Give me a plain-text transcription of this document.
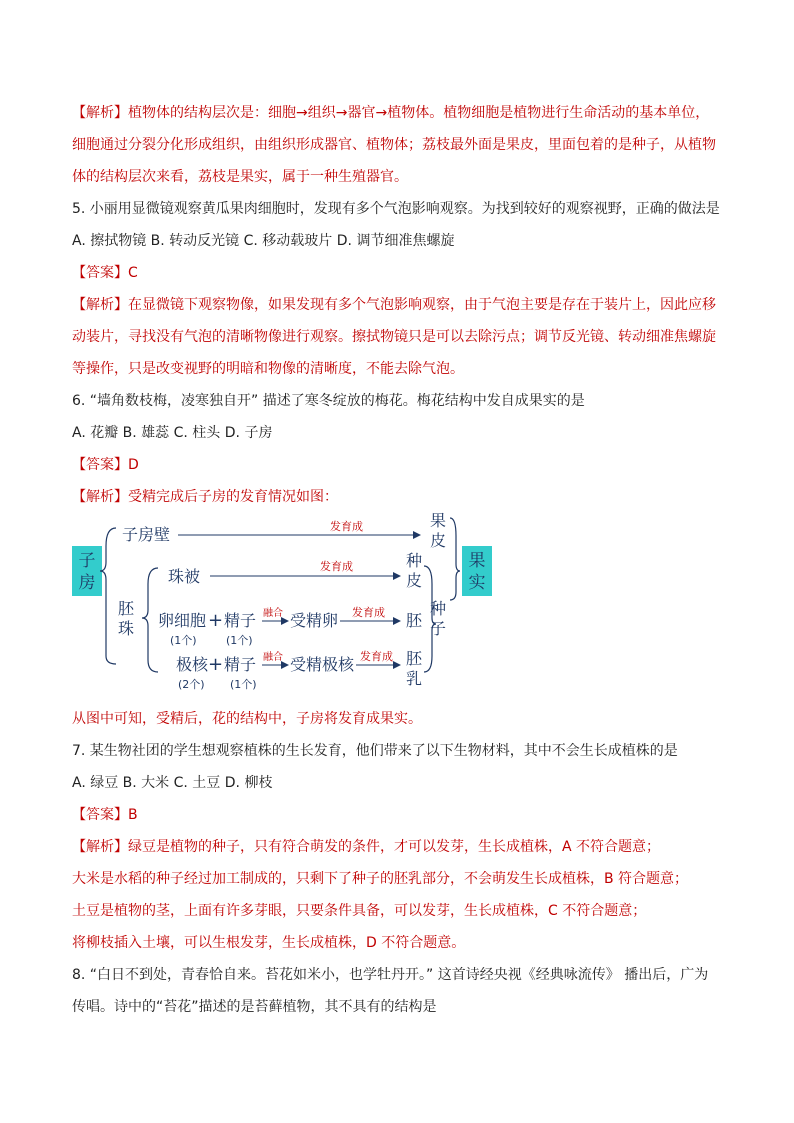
【解析】植物体的结构层次是：细胞→组织→器官→植物体。植物细胞是植物进行生命活动的基本单位，
细胞通过分裂分化形成组织，由组织形成器官、植物体；荔枝最外面是果皮，里面包着的是种子，从植物
体的结构层次来看，荔枝是果实，属于一种生殖器官。
5. 小丽用显微镜观察黄瓜果肉细胞时，发现有多个气泡影响观察。为找到较好的观察视野，正确的做法是
A. 擦拭物镜 B. 转动反光镜 C. 移动载玻片 D. 调节细准焦螺旋
【答案】C
【解析】在显微镜下观察物像，如果发现有多个气泡影响观察，由于气泡主要是存在于装片上，因此应移
动装片，寻找没有气泡的清晰物像进行观察。擦拭物镜只是可以去除污点；调节反光镜、转动细准焦螺旋
等操作，只是改变视野的明暗和物像的清晰度，不能去除气泡。
6. “墙角数枝梅，凌寒独自开” 描述了寒冬绽放的梅花。梅花结构中发自成果实的是
A. 花瓣 B. 雄蕊 C. 柱头 D. 子房
【答案】D
【解析】受精完成后子房的发育情况如图：
子
房
果
实
子房壁	发育成	果
皮
胚
珠
珠被
发育成	种
皮
种
子
卵细胞 + 精子
(1个)	(1个)
融合 受精卵 发育成 胚
极核 + 精子
(2个) (1个)
融合 受精极核 发育成 胚
乳
从图中可知，受精后，花的结构中，子房将发育成果实。
7. 某生物社团的学生想观察植株的生长发育，他们带来了以下生物材料，其中不会生长成植株的是
A. 绿豆 B. 大米 C. 土豆 D. 柳枝
【答案】B
【解析】绿豆是植物的种子，只有符合萌发的条件，才可以发芽，生长成植株，A 不符合题意；
大米是水稻的种子经过加工制成的，只剩下了种子的胚乳部分，不会萌发生长成植株，B 符合题意；
土豆是植物的茎，上面有许多芽眼，只要条件具备，可以发芽，生长成植株，C 不符合题意；
将柳枝插入土壤，可以生根发芽，生长成植株，D 不符合题意。
8. “白日不到处，青春恰自来。苔花如米小，也学牡丹开。” 这首诗经央视《经典咏流传》 播出后，广为
传唱。诗中的“苔花”描述的是苔藓植物，其不具有的结构是
